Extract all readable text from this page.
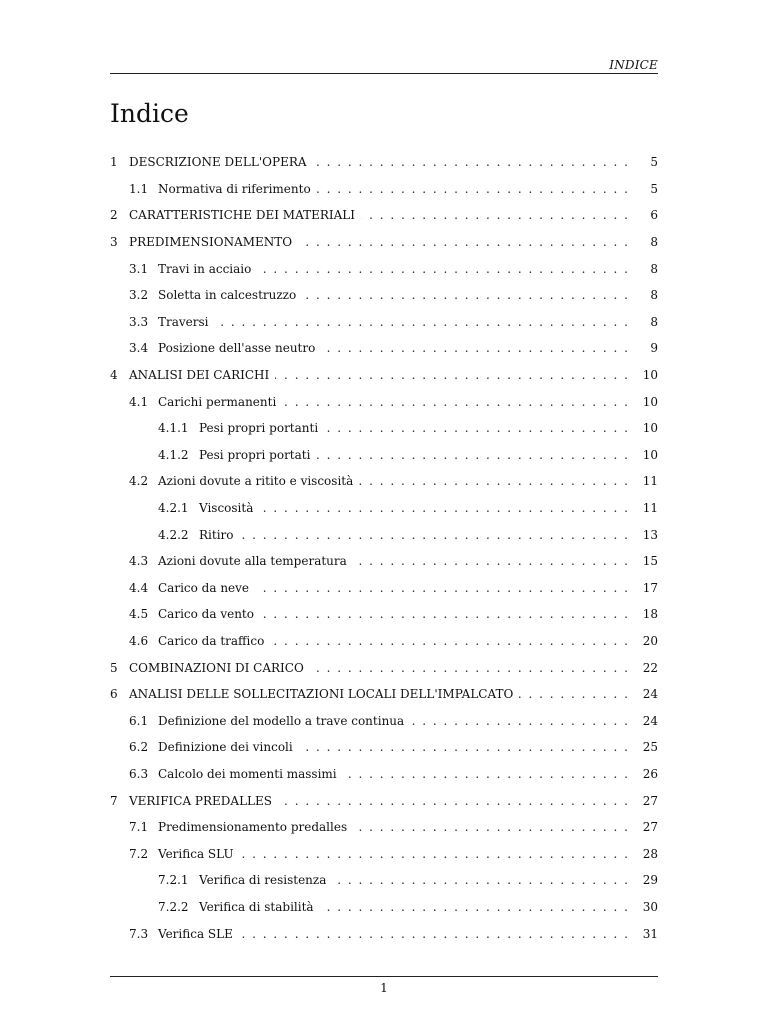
INDICE
Indice
1 DESCRIZIONE DELL'OPERA . . .	5
1.1 Normativa di riferimento . . .	5
2 CARATTERISTICHE DEI MATERIALI . . .	6
3 PREDIMENSIONAMENTO . . .	8
3.1 Travi in acciaio . . .	8
3.2 Soletta in calcestruzzo . . .	8
3.3 Traversi . . .	8
3.4 Posizione dell'asse neutro . . .	9
4 ANALISI DEI CARICHI . . .	10
4.1 Carichi permanenti . . .	10
4.1.1 Pesi propri portanti . . .	10
4.1.2 Pesi propri portati . . .	10
4.2 Azioni dovute a ritito e viscosità . . .	11
4.2.1 Viscosità . . .	11
4.2.2 Ritiro . . .	13
4.3 Azioni dovute alla temperatura . . .	15
4.4 Carico da neve . . .	17
4.5 Carico da vento . . .	18
4.6 Carico da traffico . . .	20
5 COMBINAZIONI DI CARICO . . .	22
6 ANALISI DELLE SOLLECITAZIONI LOCALI DELL'IMPALCATO . . .	24
6.1 Definizione del modello a trave continua . . .	24
6.2 Definizione dei vincoli . . .	25
6.3 Calcolo dei momenti massimi . . .	26
7 VERIFICA PREDALLES . . .	27
7.1 Predimensionamento predalles . . .	27
7.2 Verifica SLU . . .	28
7.2.1 Verifica di resistenza . . .	29
7.2.2 Verifica di stabilità . . .	30
7.3 Verifica SLE . . .	31
1
